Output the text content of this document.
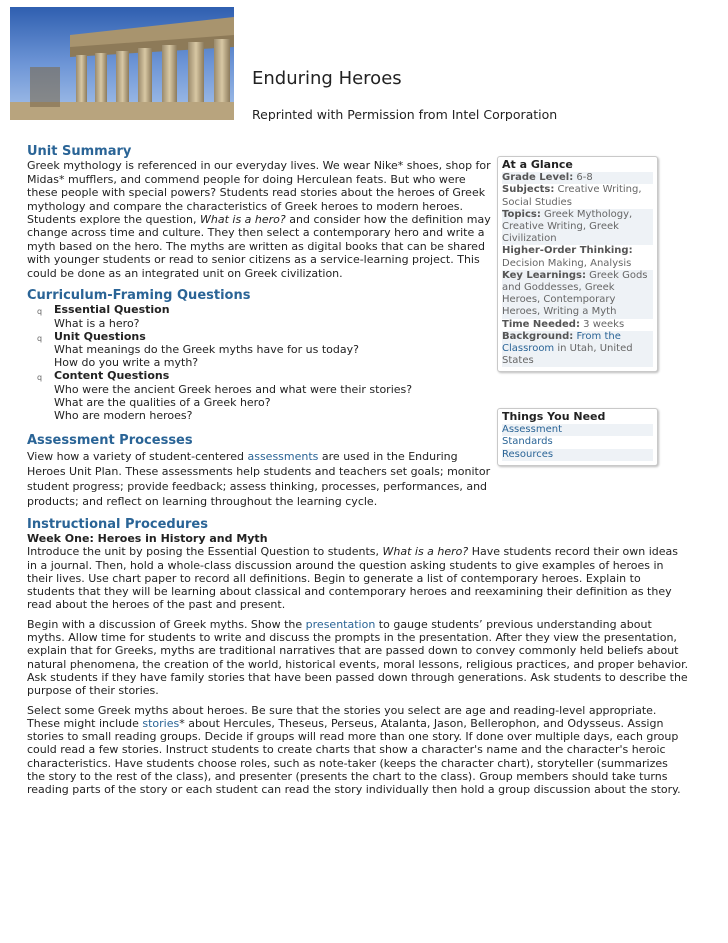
Enduring Heroes

Reprinted with Permission from Intel Corporation

Unit Summary

Greek mythology is referenced in our everyday lives. We wear Nike* shoes, shop for Midas* mufflers, and commend people for doing Herculean feats. But who were these people with special powers? Students read stories about the heroes of Greek mythology and compare the characteristics of Greek heroes to modern heroes. Students explore the question, What is a hero? and consider how the definition may change across time and culture. They then select a contemporary hero and write a myth based on the hero. The myths are written as digital books that can be shared with younger students or read to senior citizens as a service-learning project. This could be done as an integrated unit on Greek civilization.

Curriculum-Framing Questions
q Essential Question
What is a hero?
q Unit Questions
What meanings do the Greek myths have for us today?
How do you write a myth?
q Content Questions
Who were the ancient Greek heroes and what were their stories?
What are the qualities of a Greek hero?
Who are modern heroes?
Assessment Processes

View how a variety of student-centered assessments are used in the Enduring Heroes Unit Plan. These assessments help students and teachers set goals; monitor student progress; provide feedback; assess thinking, processes, performances, and products; and reflect on learning throughout the learning cycle.

Instructional Procedures

Week One: Heroes in History and Myth

Introduce the unit by posing the Essential Question to students, What is a hero? Have students record their own ideas in a journal. Then, hold a whole-class discussion around the question asking students to give examples of heroes in their lives. Use chart paper to record all definitions. Begin to generate a list of contemporary heroes. Explain to students that they will be learning about classical and contemporary heroes and reexamining their definition as they read about the heroes of the past and present.

Begin with a discussion of Greek myths. Show the presentation to gauge students’ previous understanding about myths. Allow time for students to write and discuss the prompts in the presentation. After they view the presentation, explain that for Greeks, myths are traditional narratives that are passed down to convey commonly held beliefs about natural phenomena, the creation of the world, historical events, moral lessons, religious practices, and proper behavior. Ask students if they have family stories that have been passed down through generations. Ask students to describe the purpose of their stories.

Select some Greek myths about heroes. Be sure that the stories you select are age and reading-level appropriate. These might include stories* about Hercules, Theseus, Perseus, Atalanta, Jason, Bellerophon, and Odysseus. Assign stories to small reading groups. Decide if groups will read more than one story. If done over multiple days, each group could read a few stories. Instruct students to create charts that show a character's name and the character's heroic characteristics. Have students choose roles, such as note-taker (keeps the character chart), storyteller (summarizes the story to the rest of the class), and presenter (presents the chart to the class). Group members should take turns reading parts of the story or each student can read the story individually then hold a group discussion about the story.

At a Glance
Grade Level: 6-8
Subjects: Creative Writing, Social Studies
Topics: Greek Mythology, Creative Writing, Greek Civilization
Higher-Order Thinking: Decision Making, Analysis
Key Learnings: Greek Gods and Goddesses, Greek Heroes, Contemporary Heroes, Writing a Myth
Time Needed: 3 weeks
Background: From the Classroom in Utah, United States
Things You Need
Assessment
Standards
Resources
